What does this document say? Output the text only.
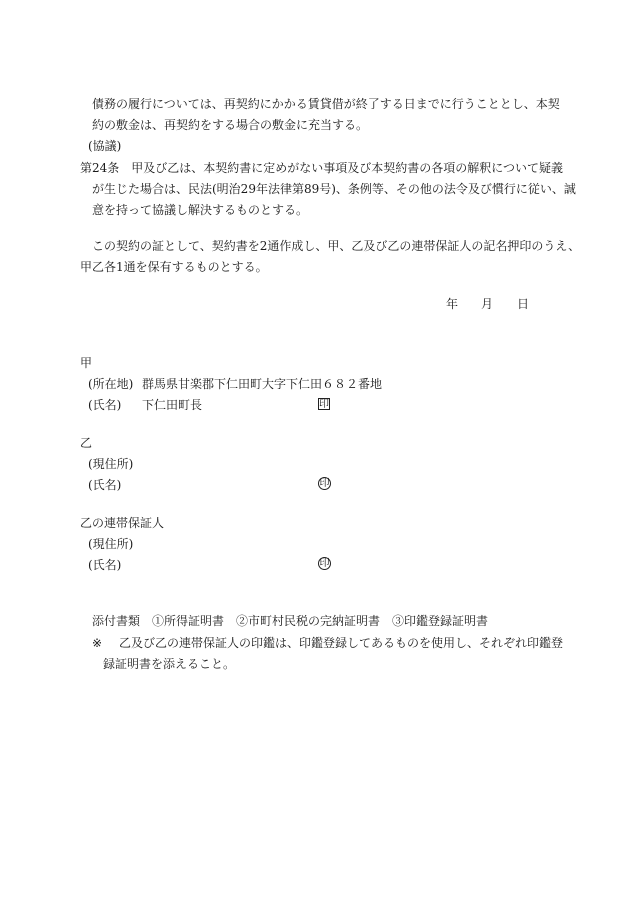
債務の履行については、再契約にかかる賃貸借が終了する日までに行うこととし、本契
約の敷金は、再契約をする場合の敷金に充当する。
(協議)
第24条　甲及び乙は、本契約書に定めがない事項及び本契約書の各項の解釈について疑義
が生じた場合は、民法(明治29年法律第89号)、条例等、その他の法令及び慣行に従い、誠
意を持って協議し解決するものとする。
この契約の証として、契約書を2通作成し、甲、乙及び乙の連帯保証人の記名押印のうえ、
甲乙各1通を保有するものとする。
年 月 日
甲
(所在地) 群馬県甘楽郡下仁田町大字下仁田６８２番地
(氏名) 下仁田町長	印
乙
(現住所)
(氏名)	印
乙の連帯保証人
(現住所)
(氏名)	印
添付書類　①所得証明書　②市町村民税の完納証明書　③印鑑登録証明書
※ 乙及び乙の連帯保証人の印鑑は、印鑑登録してあるものを使用し、それぞれ印鑑登
録証明書を添えること。
